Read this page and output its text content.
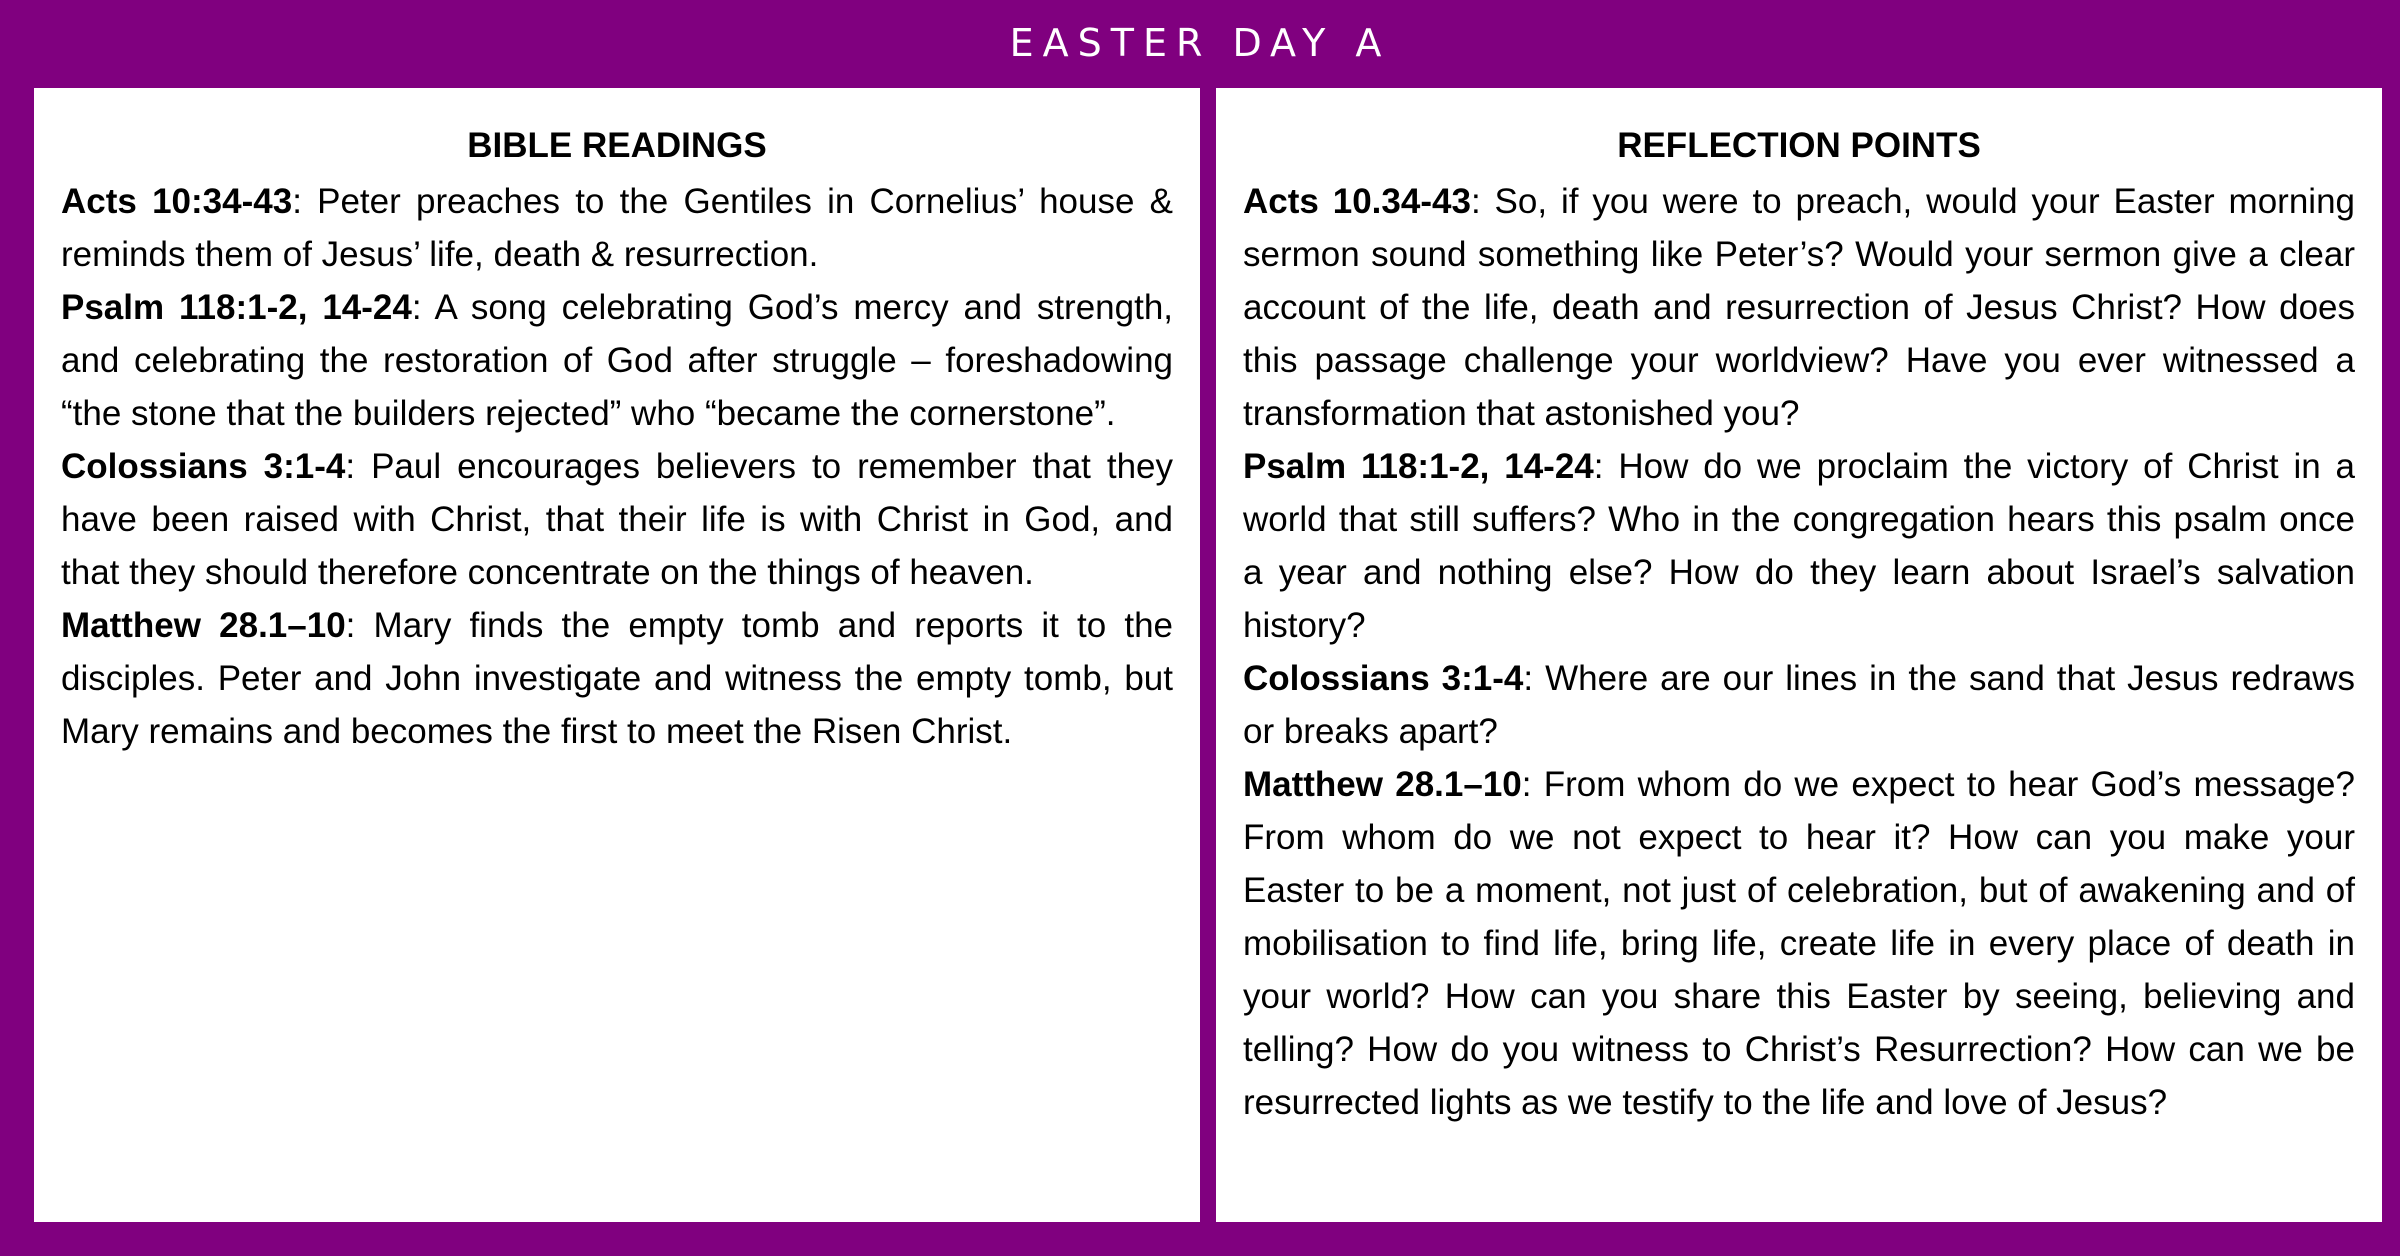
EASTER DAY A
BIBLE READINGS

Acts 10:34-43: Peter preaches to the Gentiles in Cornelius’ house & reminds them of Jesus’ life, death & resurrection.

Psalm 118:1-2, 14-24: A song celebrating God’s mercy and strength, and celebrating the restoration of God after struggle – foreshadowing “the stone that the builders rejected” who “became the cornerstone”.

Colossians 3:1-4: Paul encourages believers to remember that they have been raised with Christ, that their life is with Christ in God, and that they should therefore concentrate on the things of heaven.

Matthew 28.1–10: Mary finds the empty tomb and reports it to the disciples. Peter and John investigate and witness the empty tomb, but Mary remains and becomes the first to meet the Risen Christ.

REFLECTION POINTS

Acts 10.34-43: So, if you were to preach, would your Easter morning sermon sound something like Peter’s? Would your sermon give a clear account of the life, death and resurrection of Jesus Christ? How does this passage challenge your worldview? Have you ever witnessed a transformation that astonished you?

Psalm 118:1-2, 14-24: How do we proclaim the victory of Christ in a world that still suffers? Who in the congregation hears this psalm once a year and nothing else? How do they learn about Israel’s salvation history?

Colossians 3:1-4: Where are our lines in the sand that Jesus redraws or breaks apart?

Matthew 28.1–10: From whom do we expect to hear God’s message? From whom do we not expect to hear it? How can you make your Easter to be a moment, not just of celebration, but of awakening and of mobilisation to find life, bring life, create life in every place of death in your world? How can you share this Easter by seeing, believing and telling? How do you witness to Christ’s Resurrection? How can we be resurrected lights as we testify to the life and love of Jesus?
